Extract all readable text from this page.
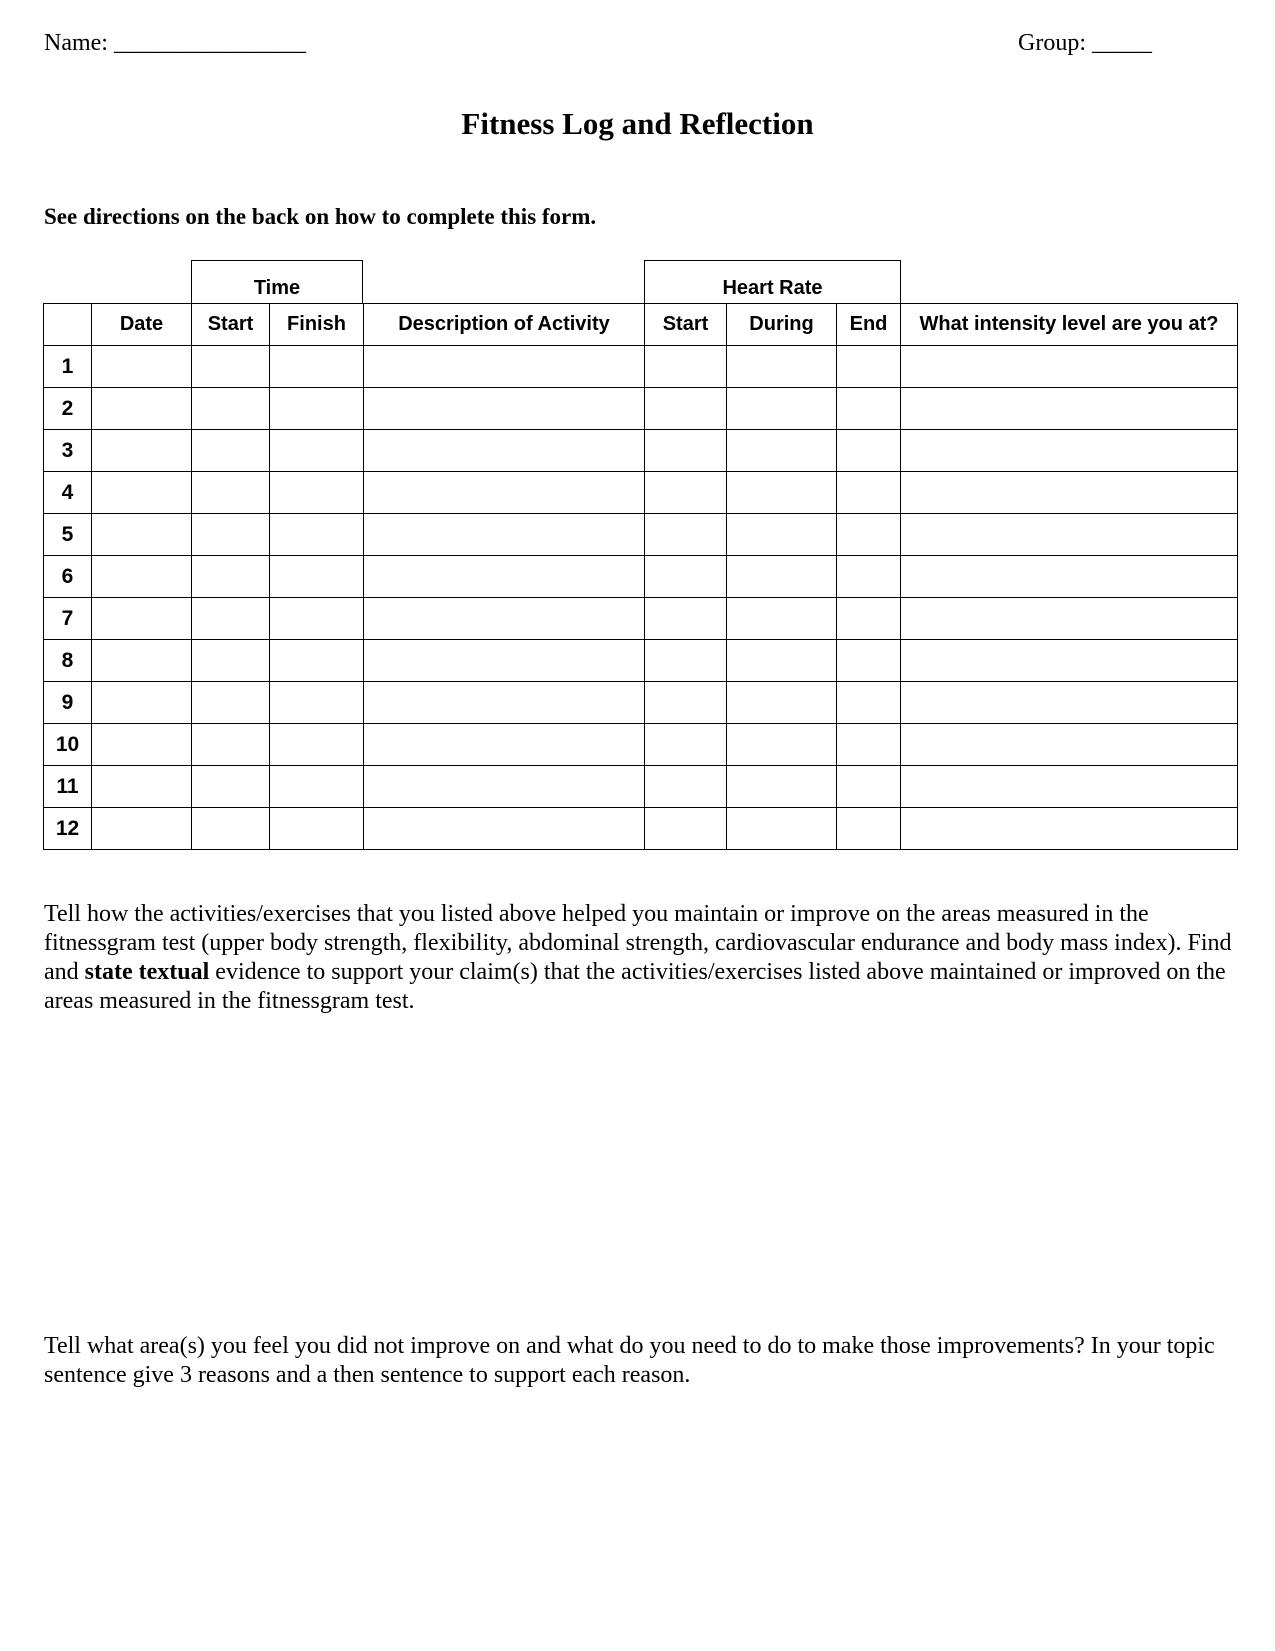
Name: ________________	Group: _____
Fitness Log and Reflection
See directions on the back on how to complete this form.
Time	Heart Rate
	Date	Start	Finish	Description of Activity	Start	During	End	What intensity level are you at?
1								
2								
3								
4								
5								
6								
7								
8								
9								
10								
11								
12								
Tell how the activities/exercises that you listed above helped you maintain or improve on the areas measured in the fitnessgram test (upper body strength, flexibility, abdominal strength, cardiovascular endurance and body mass index). Find and state textual evidence to support your claim(s) that the activities/exercises listed above maintained or improved on the areas measured in the fitnessgram test.
Tell what area(s) you feel you did not improve on and what do you need to do to make those improvements? In your topic sentence give 3 reasons and a then sentence to support each reason.
